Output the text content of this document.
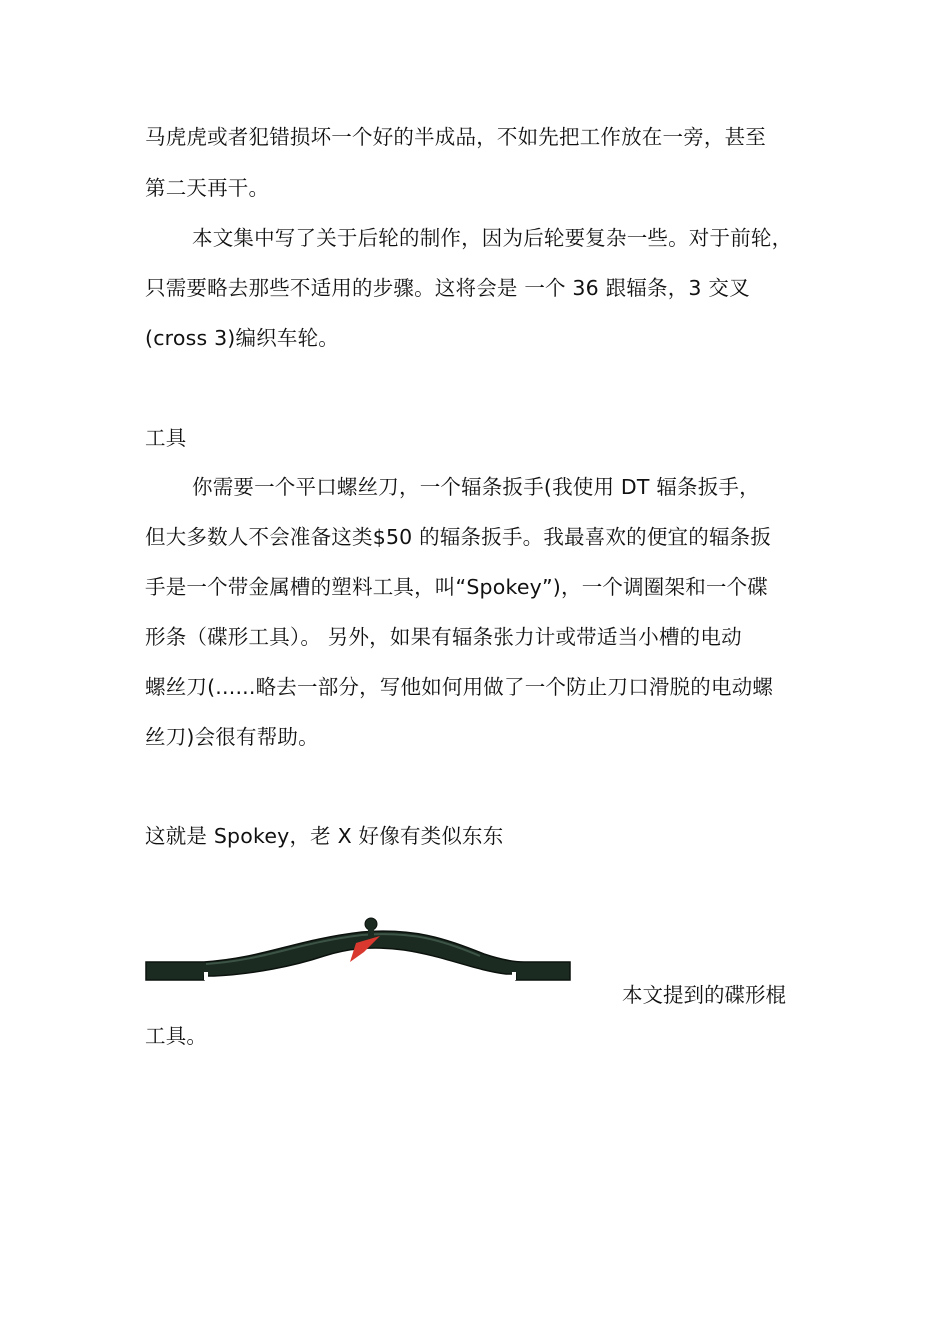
马虎虎或者犯错损坏一个好的半成品，不如先把工作放在一旁，甚至

第二天再干。

本文集中写了关于后轮的制作，因为后轮要复杂一些。对于前轮，

只需要略去那些不适用的步骤。这将会是 一个 36 跟辐条，3 交叉

(cross 3)编织车轮。

工具

你需要一个平口螺丝刀，一个辐条扳手(我使用 DT 辐条扳手，

但大多数人不会准备这类$50 的辐条扳手。我最喜欢的便宜的辐条扳

手是一个带金属槽的塑料工具，叫“Spokey”)，一个调圈架和一个碟

形条（碟形工具）。 另外，如果有辐条张力计或带适当小槽的电动

螺丝刀(......略去一部分，写他如何用做了一个防止刀口滑脱的电动螺

丝刀)会很有帮助。

这就是 Spokey，老 X 好像有类似东东

本文提到的碟形棍

工具。
